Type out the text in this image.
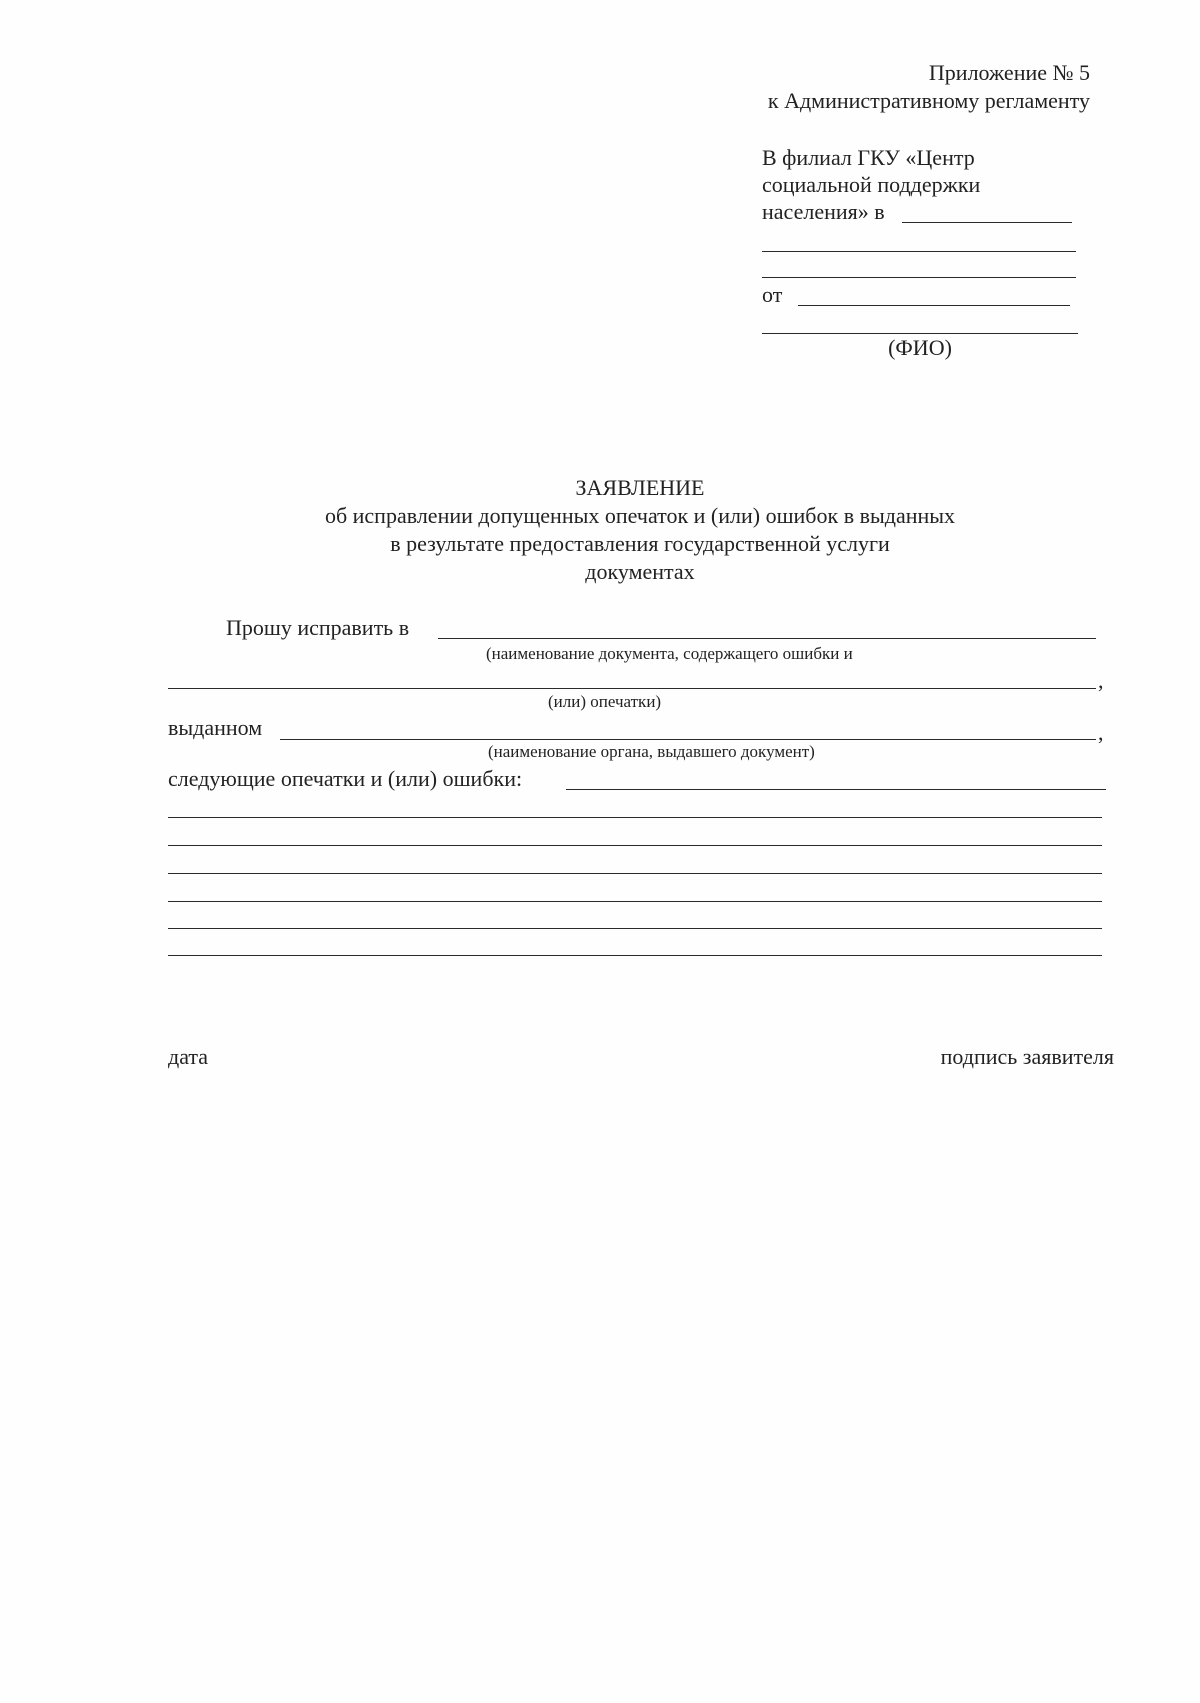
Приложение № 5
к Административному регламенту
В филиал ГКУ «Центр
социальной поддержки
населения» в
от
(ФИО)
ЗАЯВЛЕНИЕ
об исправлении допущенных опечаток и (или) ошибок в выданных
в результате предоставления государственной услуги
документах
Прошу исправить в
(наименование документа, содержащего ошибки и
,
(или) опечатки)
выданном	,
(наименование органа, выдавшего документ)
следующие опечатки и (или) ошибки:
дата	подпись заявителя
